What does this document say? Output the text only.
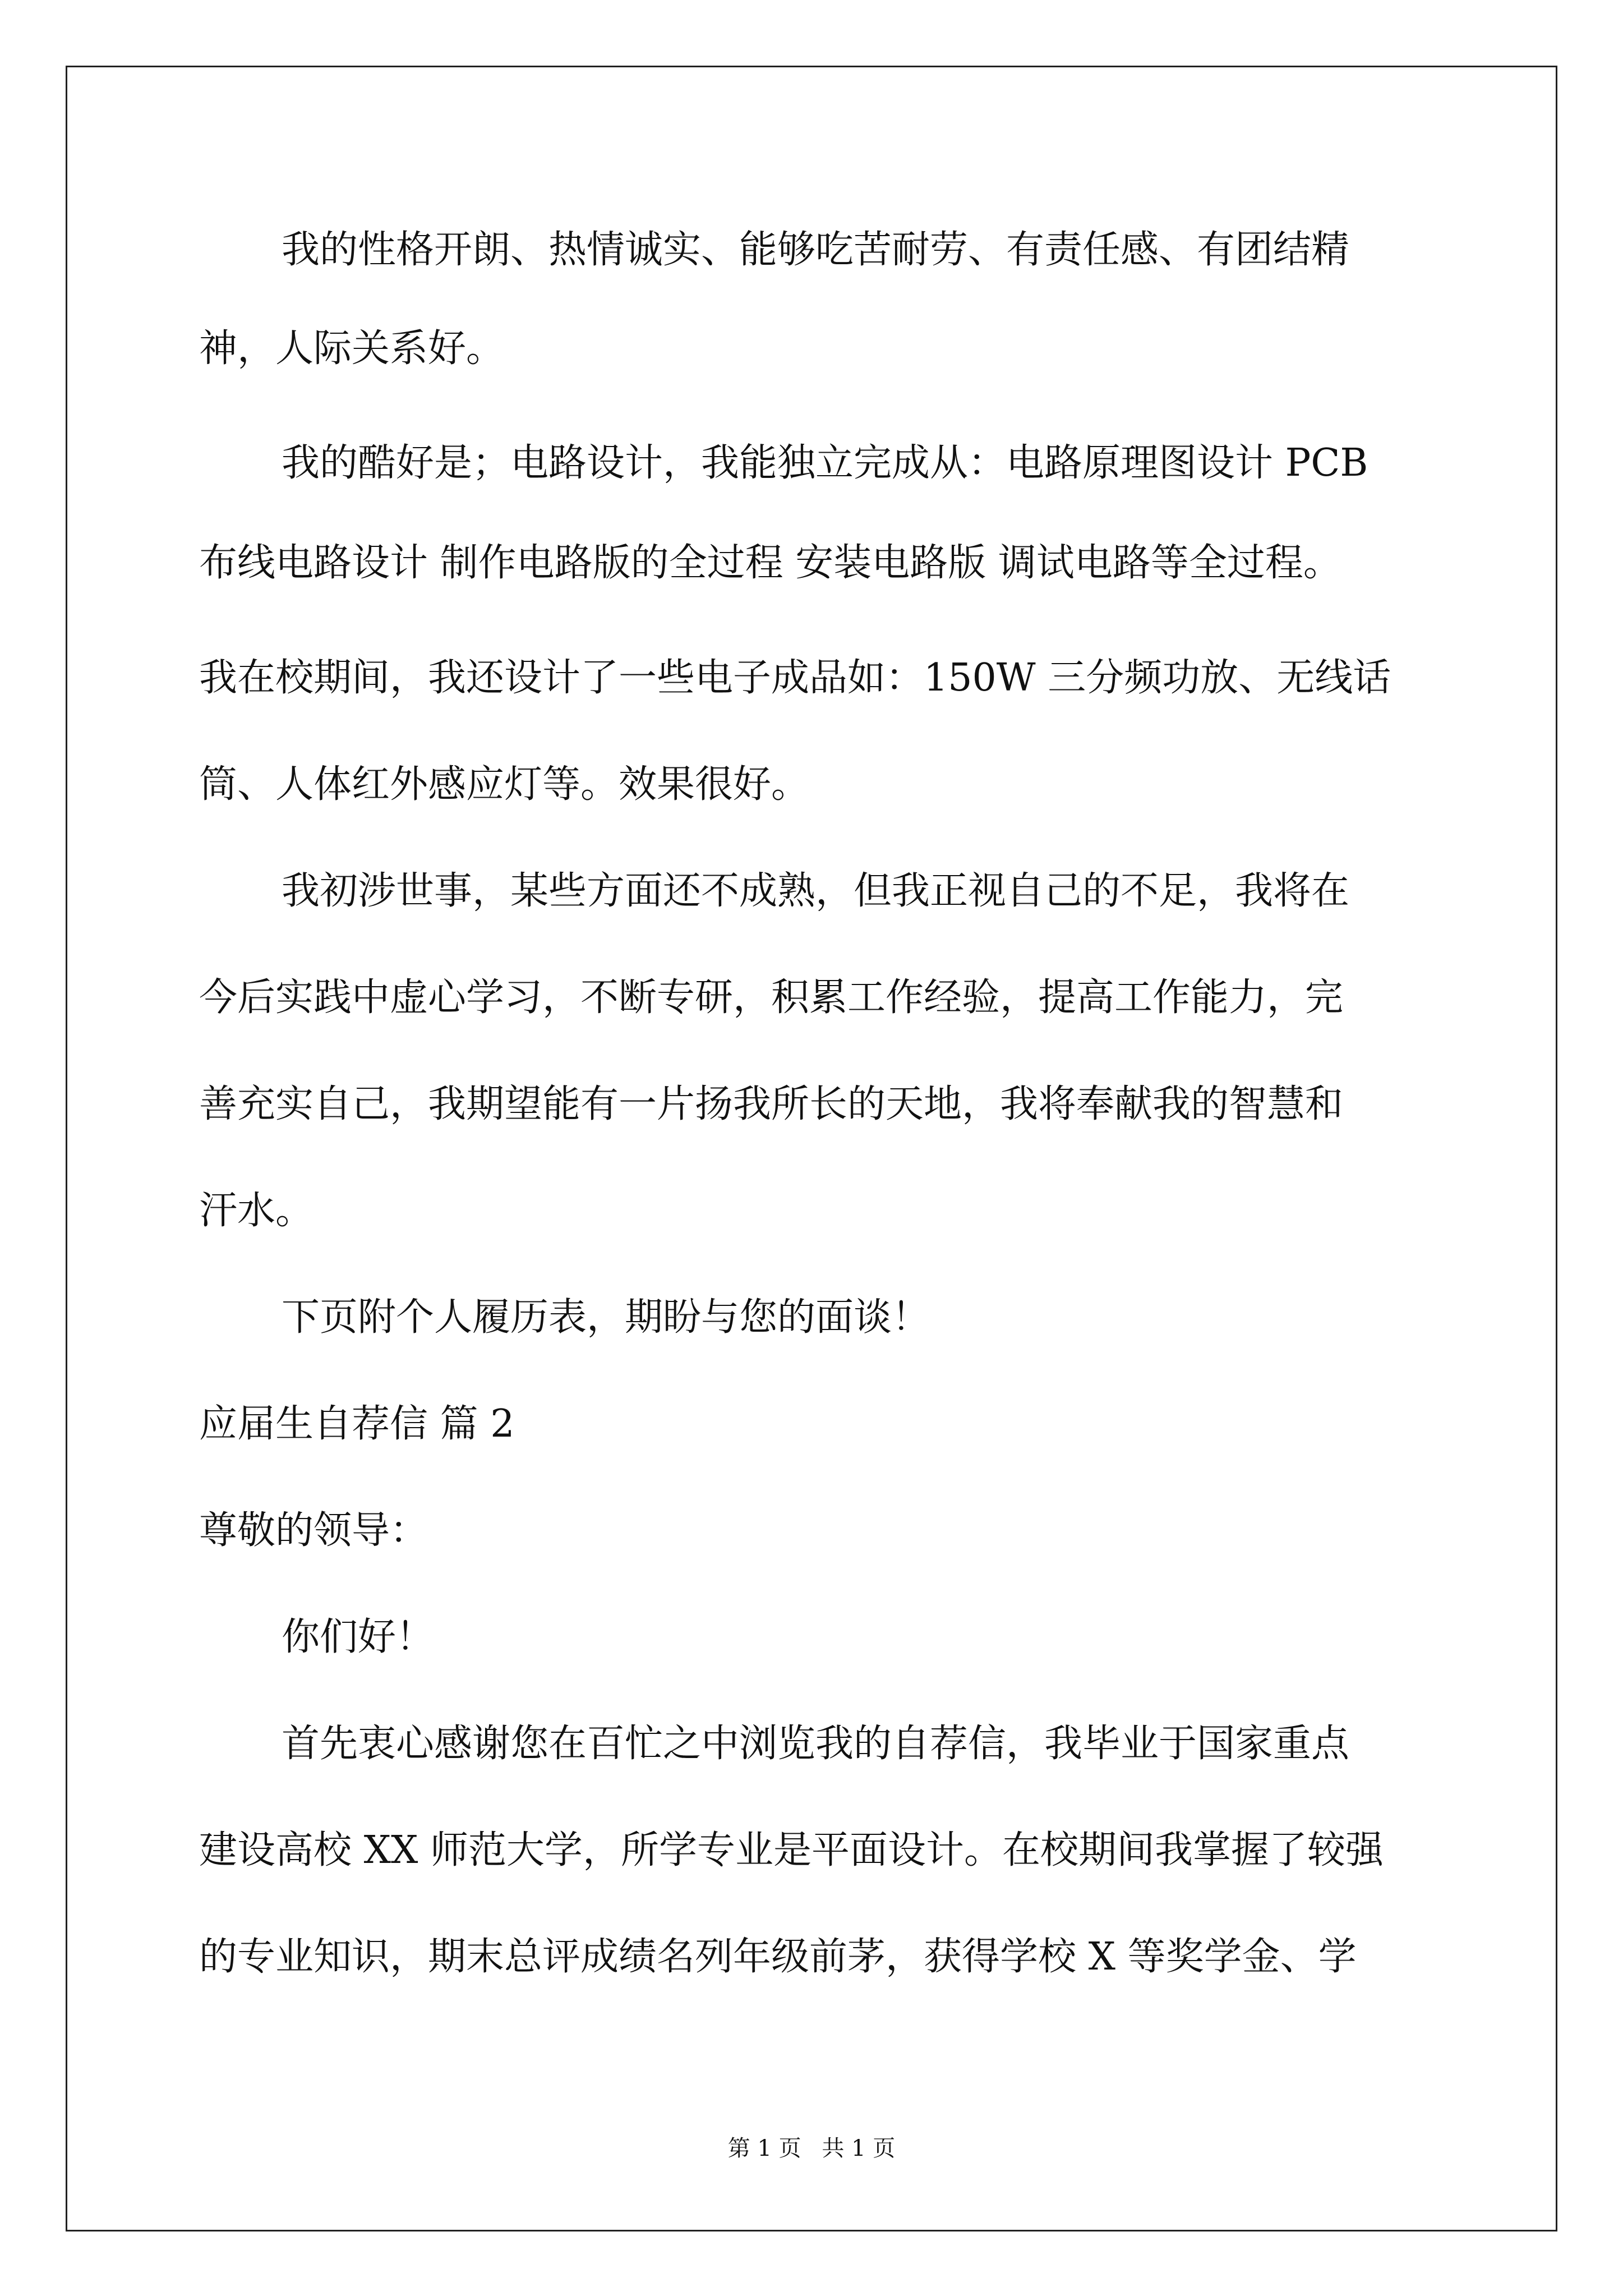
我的性格开朗、热情诚实、能够吃苦耐劳、有责任感、有团结精

神，人际关系好。

我的酷好是；电路设计，我能独立完成从：电路原理图设计 PCB

布线电路设计 制作电路版的全过程 安装电路版 调试电路等全过程。

我在校期间，我还设计了一些电子成品如：150W 三分频功放、无线话

筒、人体红外感应灯等。效果很好。

我初涉世事，某些方面还不成熟，但我正视自己的不足，我将在

今后实践中虚心学习，不断专研，积累工作经验，提高工作能力，完

善充实自己，我期望能有一片扬我所长的天地，我将奉献我的智慧和

汗水。

下页附个人履历表，期盼与您的面谈！

应届生自荐信 篇 2

尊敬的领导：

你们好！

首先衷心感谢您在百忙之中浏览我的自荐信，我毕业于国家重点

建设高校 XX 师范大学，所学专业是平面设计。在校期间我掌握了较强

的专业知识，期末总评成绩名列年级前茅，获得学校 X 等奖学金、学

第 1 页 共 1 页
